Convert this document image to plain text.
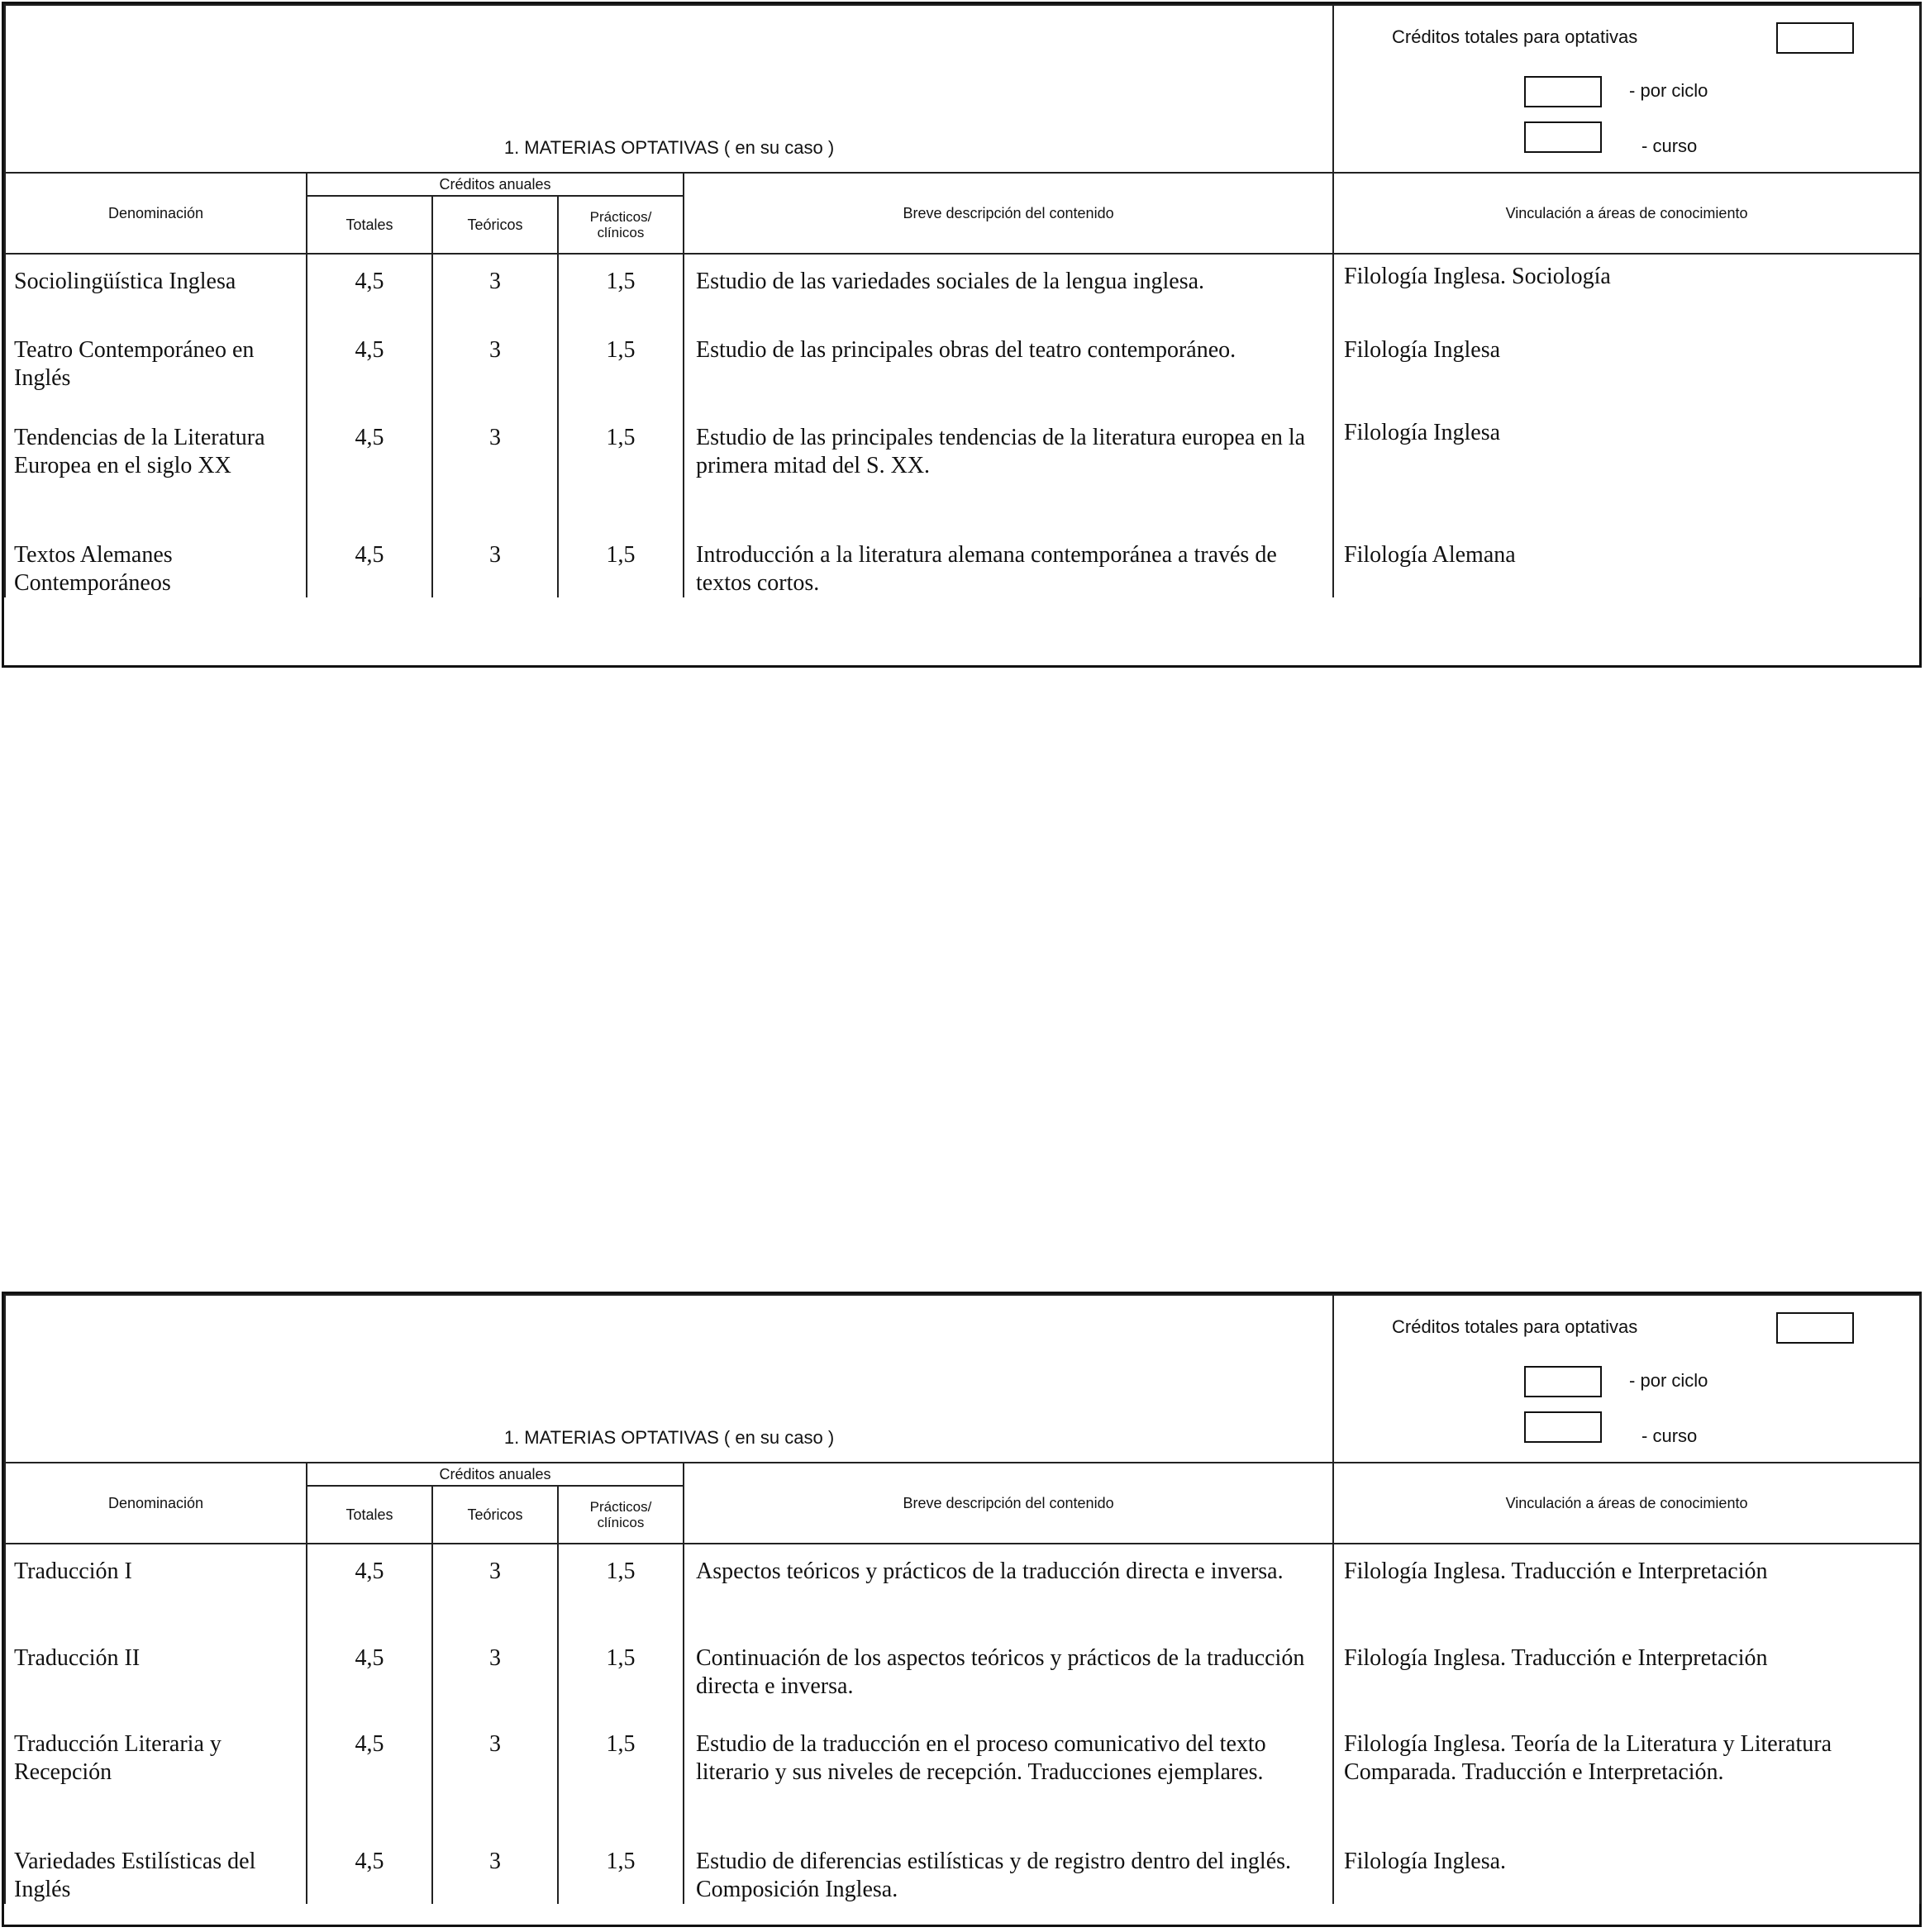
1. MATERIAS OPTATIVAS ( en su caso )					Créditos totales para optativas
- por ciclo
- curso

Denominación	Créditos anuales			Breve descripción del contenido	Vinculación a áreas de conocimiento
	Totales	Teóricos	Prácticos/
clínicos		
Sociolingüística Inglesa	4,5	3	1,5	Estudio de las variedades sociales de la lengua inglesa.	Filología Inglesa. Sociología
Teatro Contemporáneo en Inglés	4,5	3	1,5	Estudio de las principales obras del teatro contemporáneo.	Filología Inglesa
Tendencias de la Literatura Europea en el siglo XX	4,5	3	1,5	Estudio de las principales tendencias de la literatura europea en la primera mitad del S. XX.	Filología Inglesa
Textos Alemanes Contemporáneos	4,5	3	1,5	Introducción a la literatura alemana contemporánea a través de textos cortos.	Filología Alemana
1. MATERIAS OPTATIVAS ( en su caso )					Créditos totales para optativas
- por ciclo
- curso

Denominación	Créditos anuales			Breve descripción del contenido	Vinculación a áreas de conocimiento
	Totales	Teóricos	Prácticos/
clínicos		
Traducción I	4,5	3	1,5	Aspectos teóricos y prácticos de la traducción directa e inversa.	Filología Inglesa. Traducción e Interpretación
Traducción II	4,5	3	1,5	Continuación de los aspectos teóricos y prácticos de la traducción directa e inversa.	Filología Inglesa. Traducción e Interpretación
Traducción Literaria y Recepción	4,5	3	1,5	Estudio de la traducción en el proceso comunicativo del texto literario y sus niveles de recepción. Traducciones ejemplares.	Filología Inglesa. Teoría de la Literatura y Literatura Comparada. Traducción e Interpretación.
Variedades Estilísticas del Inglés	4,5	3	1,5	Estudio de diferencias estilísticas y de registro dentro del inglés. Composición Inglesa.	Filología Inglesa.
